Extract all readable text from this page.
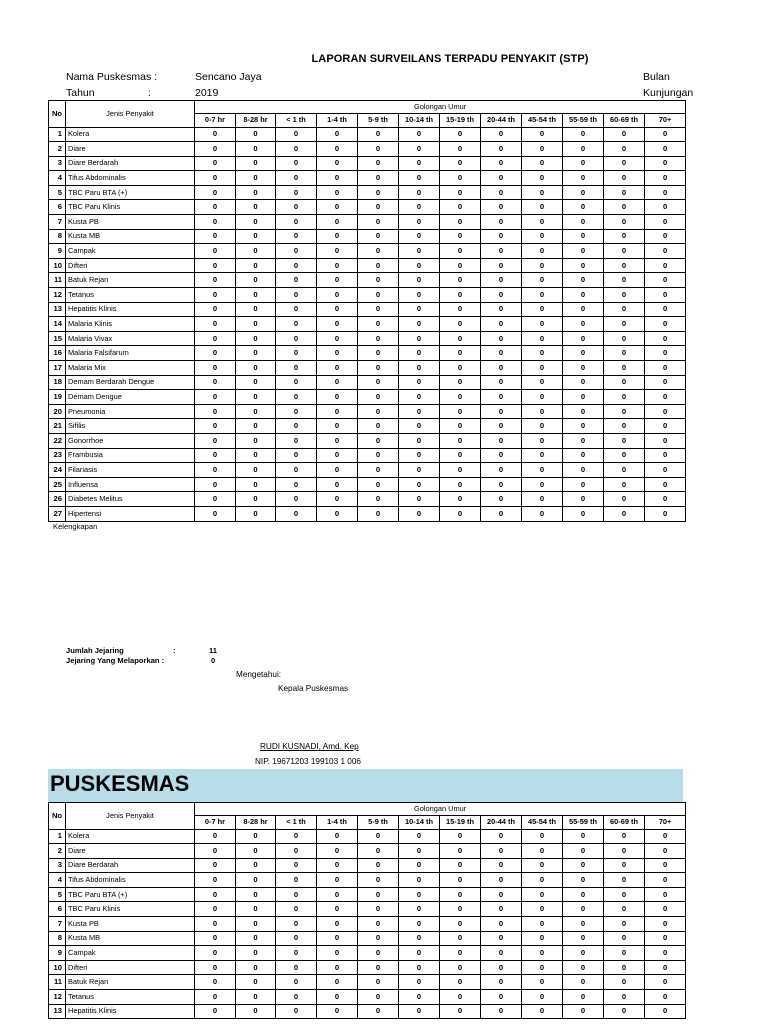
LAPORAN SURVEILANS TERPADU PENYAKIT (STP)
Nama Puskesmas :	Sencano Jaya	Bulan
Tahun	:	2019	Kunjungan
No	Jenis Penyakit	Golongan Umur											
		0-7 hr	8-28 hr	< 1 th	1-4 th	5-9 th	10-14 th	15-19 th	20-44 th	45-54 th	55-59 th	60-69 th	70+
1	Kolera	0	0	0	0	0	0	0	0	0	0	0	0
2	Diare	0	0	0	0	0	0	0	0	0	0	0	0
3	Diare Berdarah	0	0	0	0	0	0	0	0	0	0	0	0
4	Tifus Abdominalis	0	0	0	0	0	0	0	0	0	0	0	0
5	TBC Paru BTA (+)	0	0	0	0	0	0	0	0	0	0	0	0
6	TBC Paru Klinis	0	0	0	0	0	0	0	0	0	0	0	0
7	Kusta PB	0	0	0	0	0	0	0	0	0	0	0	0
8	Kusta MB	0	0	0	0	0	0	0	0	0	0	0	0
9	Campak	0	0	0	0	0	0	0	0	0	0	0	0
10	Difteri	0	0	0	0	0	0	0	0	0	0	0	0
11	Batuk Rejan	0	0	0	0	0	0	0	0	0	0	0	0
12	Tetanus	0	0	0	0	0	0	0	0	0	0	0	0
13	Hepatitis Klinis	0	0	0	0	0	0	0	0	0	0	0	0
14	Malaria Klinis	0	0	0	0	0	0	0	0	0	0	0	0
15	Malaria Vivax	0	0	0	0	0	0	0	0	0	0	0	0
16	Malaria Falsifarum	0	0	0	0	0	0	0	0	0	0	0	0
17	Malaria Mix	0	0	0	0	0	0	0	0	0	0	0	0
18	Demam Berdarah Dengue	0	0	0	0	0	0	0	0	0	0	0	0
19	Demam Dengue	0	0	0	0	0	0	0	0	0	0	0	0
20	Pneumonia	0	0	0	0	0	0	0	0	0	0	0	0
21	Sifilis	0	0	0	0	0	0	0	0	0	0	0	0
22	Gonorrhoe	0	0	0	0	0	0	0	0	0	0	0	0
23	Frambusia	0	0	0	0	0	0	0	0	0	0	0	0
24	Filariasis	0	0	0	0	0	0	0	0	0	0	0	0
25	Influensa	0	0	0	0	0	0	0	0	0	0	0	0
26	Diabetes Melitus	0	0	0	0	0	0	0	0	0	0	0	0
27	Hipertensi	0	0	0	0	0	0	0	0	0	0	0	0
Kelengkapan
Jumlah Jejaring	:	11
Jejaring Yang Melaporkan :	0
Mengetahui:
Kepala Puskesmas
RUDI KUSNADI, Amd. Kep
NIP. 19671203 199103 1 006
PUSKESMAS
No	Jenis Penyakit	Golongan Umur											
		0-7 hr	8-28 hr	< 1 th	1-4 th	5-9 th	10-14 th	15-19 th	20-44 th	45-54 th	55-59 th	60-69 th	70+
1	Kolera	0	0	0	0	0	0	0	0	0	0	0	0
2	Diare	0	0	0	0	0	0	0	0	0	0	0	0
3	Diare Berdarah	0	0	0	0	0	0	0	0	0	0	0	0
4	Tifus Abdominalis	0	0	0	0	0	0	0	0	0	0	0	0
5	TBC Paru BTA (+)	0	0	0	0	0	0	0	0	0	0	0	0
6	TBC Paru Klinis	0	0	0	0	0	0	0	0	0	0	0	0
7	Kusta PB	0	0	0	0	0	0	0	0	0	0	0	0
8	Kusta MB	0	0	0	0	0	0	0	0	0	0	0	0
9	Campak	0	0	0	0	0	0	0	0	0	0	0	0
10	Difteri	0	0	0	0	0	0	0	0	0	0	0	0
11	Batuk Rejan	0	0	0	0	0	0	0	0	0	0	0	0
12	Tetanus	0	0	0	0	0	0	0	0	0	0	0	0
13	Hepatitis Klinis	0	0	0	0	0	0	0	0	0	0	0	0
